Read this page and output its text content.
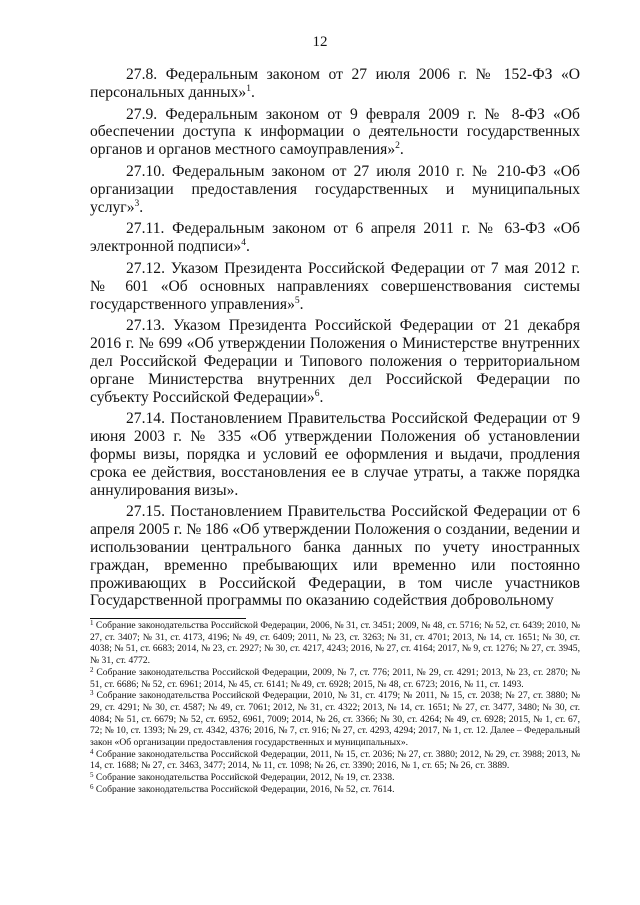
12

27.8. Федеральным законом от 27 июля 2006 г. № 152-ФЗ «О персональных данных»$^1$.

27.9. Федеральным законом от 9 февраля 2009 г. № 8-ФЗ «Об обеспечении доступа к информации о деятельности государственных органов и органов местного самоуправления»$^2$.

27.10. Федеральным законом от 27 июля 2010 г. № 210-ФЗ «Об организации предоставления государственных и муниципальных услуг»$^3$.

27.11. Федеральным законом от 6 апреля 2011 г. № 63-ФЗ «Об электронной подписи»$^4$.

27.12. Указом Президента Российской Федерации от 7 мая 2012 г. № 601 «Об основных направлениях совершенствования системы государственного управления»$^5$.

27.13. Указом Президента Российской Федерации от 21 декабря 2016 г. № 699 «Об утверждении Положения о Министерстве внутренних дел Российской Федерации и Типового положения о территориальном органе Министерства внутренних дел Российской Федерации по субъекту Российской Федерации»$^6$.

27.14. Постановлением Правительства Российской Федерации от 9 июня 2003 г. № 335 «Об утверждении Положения об установлении формы визы, порядка и условий ее оформления и выдачи, продления срока ее действия, восстановления ее в случае утраты, а также порядка аннулирования визы».

27.15. Постановлением Правительства Российской Федерации от 6 апреля 2005 г. № 186 «Об утверждении Положения о создании, ведении и использовании центрального банка данных по учету иностранных граждан, временно пребывающих или временно или постоянно проживающих в Российской Федерации, в том числе участников Государственной программы по оказанию содействия добровольному

$^1$ Собрание законодательства Российской Федерации, 2006, № 31, ст. 3451; 2009, № 48, ст. 5716; № 52, ст. 6439; 2010, № 27, ст. 3407; № 31, ст. 4173, 4196; № 49, ст. 6409; 2011, № 23, ст. 3263; № 31, ст. 4701; 2013, № 14, ст. 1651; № 30, ст. 4038; № 51, ст. 6683; 2014, № 23, ст. 2927; № 30, ст. 4217, 4243; 2016, № 27, ст. 4164; 2017, № 9, ст. 1276; № 27, ст. 3945, № 31, ст. 4772.

$^2$ Собрание законодательства Российской Федерации, 2009, № 7, ст. 776; 2011, № 29, ст. 4291; 2013, № 23, ст. 2870; № 51, ст. 6686; № 52, ст. 6961; 2014, № 45, ст. 6141; № 49, ст. 6928; 2015, № 48, ст. 6723; 2016, № 11, ст. 1493.

$^3$ Собрание законодательства Российской Федерации, 2010, № 31, ст. 4179; № 2011, № 15, ст. 2038; № 27, ст. 3880; № 29, ст. 4291; № 30, ст. 4587; № 49, ст. 7061; 2012, № 31, ст. 4322; 2013, № 14, ст. 1651; № 27, ст. 3477, 3480; № 30, ст. 4084; № 51, ст. 6679; № 52, ст. 6952, 6961, 7009; 2014, № 26, ст. 3366; № 30, ст. 4264; № 49, ст. 6928; 2015, № 1, ст. 67, 72; № 10, ст. 1393; № 29, ст. 4342, 4376; 2016, № 7, ст. 916; № 27, ст. 4293, 4294; 2017, № 1, ст. 12. Далее – Федеральный закон «Об организации предоставления государственных и муниципальных».

$^4$ Собрание законодательства Российской Федерации, 2011, № 15, ст. 2036; № 27, ст. 3880; 2012, № 29, ст. 3988; 2013, № 14, ст. 1688; № 27, ст. 3463, 3477; 2014, № 11, ст. 1098; № 26, ст. 3390; 2016, № 1, ст. 65; № 26, ст. 3889.

$^5$ Собрание законодательства Российской Федерации, 2012, № 19, ст. 2338.

$^6$ Собрание законодательства Российской Федерации, 2016, № 52, ст. 7614.
